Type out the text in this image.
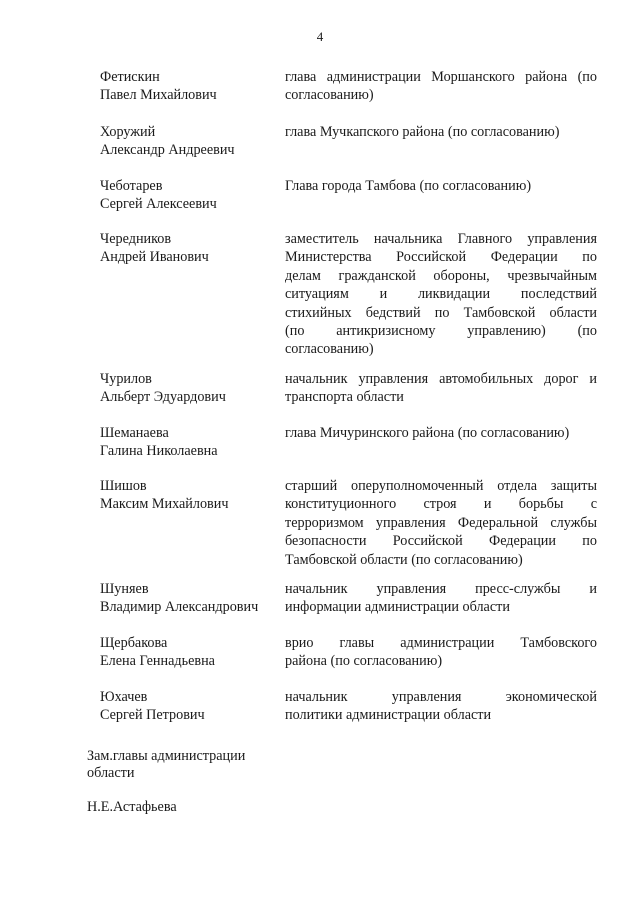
4
Фетискин
Павел Михайлович
глава администрации Моршанского района (по
согласованию)
Хоружий
Александр Андреевич
глава Мучкапского района (по согласованию)
Чеботарев
Сергей Алексеевич
Глава города Тамбова (по согласованию)
Чередников
Андрей Иванович
заместитель начальника Главного управления
Министерства Российской Федерации по
делам гражданской обороны, чрезвычайным
ситуациям и ликвидации последствий
стихийных бедствий по Тамбовской области
(по антикризисному управлению) (по
согласованию)
Чурилов
Альберт Эдуардович
начальник управления автомобильных дорог и
транспорта области
Шеманаева
Галина Николаевна
глава Мичуринского района (по согласованию)
Шишов
Максим Михайлович
старший оперуполномоченный отдела защиты
конституционного строя и борьбы с
терроризмом управления Федеральной службы
безопасности Российской Федерации по
Тамбовской области (по согласованию)
Шуняев
Владимир Александрович
начальник управления пресс-службы и
информации администрации области
Щербакова
Елена Геннадьевна
врио главы администрации Тамбовского
района (по согласованию)
Юхачев
Сергей Петрович
начальник управления экономической
политики администрации области
Зам.главы администрации
области
Н.Е.Астафьева
